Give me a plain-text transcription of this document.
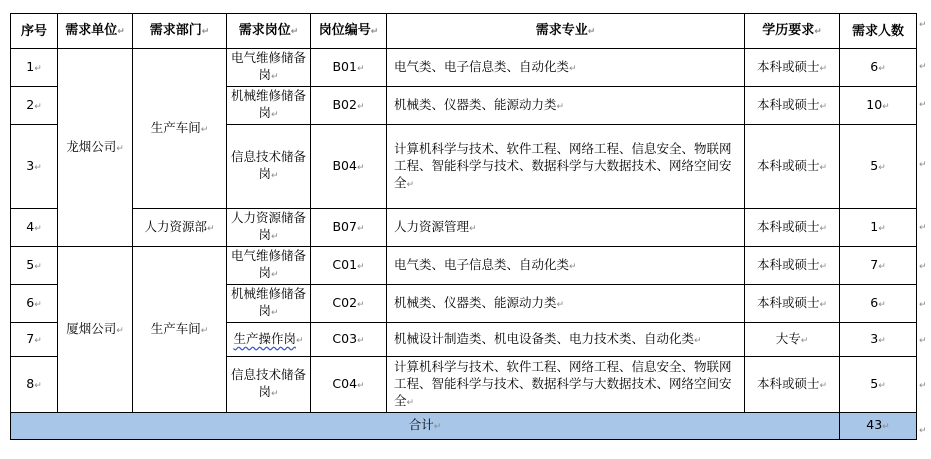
序号	需求单位↵	需求部门↵	需求岗位↵	岗位编号↵	需求专业↵	学历要求↵	需求人数
1↵	龙烟公司↵	生产车间↵	电气维修储备岗↵	B01↵	电气类、电子信息类、自动化类↵	本科或硕士↵	6↵
2↵			机械维修储备岗↵	B02↵	机械类、仪器类、能源动力类↵	本科或硕士↵	10↵
3↵			信息技术储备岗↵	B04↵	计算机科学与技术、软件工程、网络工程、信息安全、物联网工程、智能科学与技术、数据科学与大数据技术、网络空间安全↵	本科或硕士↵	5↵
4↵		人力资源部↵	人力资源储备岗↵	B07↵	人力资源管理↵	本科或硕士↵	1↵
5↵	厦烟公司↵	生产车间↵	电气维修储备岗↵	C01↵	电气类、电子信息类、自动化类↵	本科或硕士↵	7↵
6↵			机械维修储备岗↵	C02↵	机械类、仪器类、能源动力类↵	本科或硕士↵	6↵
7↵			生产操作岗↵	C03↵	机械设计制造类、机电设备类、电力技术类、自动化类↵	大专↵	3↵
8↵			信息技术储备岗↵	C04↵	计算机科学与技术、软件工程、网络工程、信息安全、物联网工程、智能科学与技术、数据科学与大数据技术、网络空间安全↵	本科或硕士↵	5↵
合计↵							43↵
↵
↵
↵
↵
↵
↵
↵
↵
↵
↵
